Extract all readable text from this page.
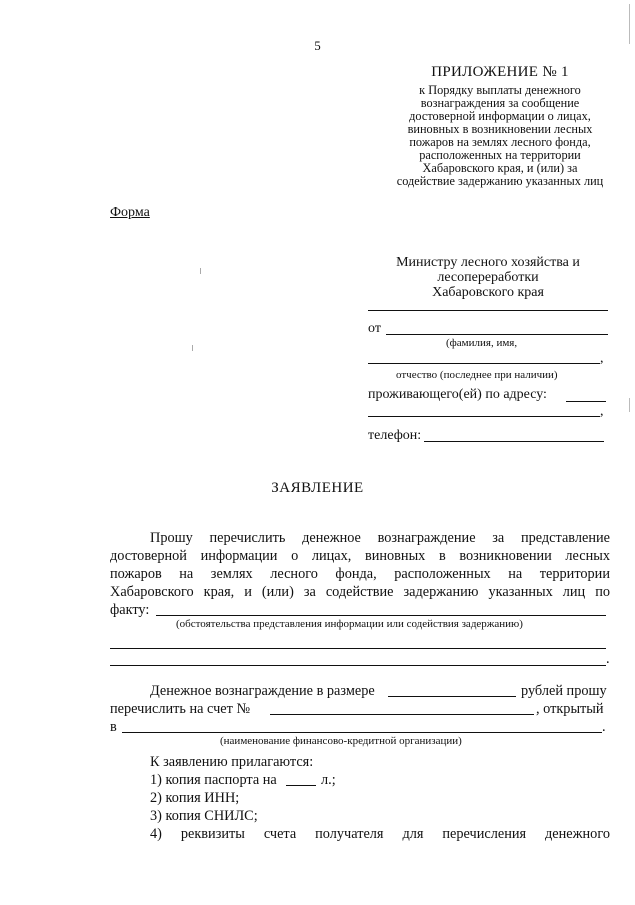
5
ПРИЛОЖЕНИЕ № 1
к Порядку выплаты денежного
вознаграждения за сообщение
достоверной информации о лицах,
виновных в возникновении лесных
пожаров на землях лесного фонда,
расположенных на территории
Хабаровского края, и (или) за
содействие задержанию указанных лиц
Форма
Министру лесного хозяйства и
лесопереработки
Хабаровского края
от
(фамилия, имя,
,
отчество (последнее при наличии)
проживающего(ей) по адресу:
,
телефон:
ЗАЯВЛЕНИЕ
Прошу перечислить денежное вознаграждение за представление
достоверной информации о лицах, виновных в возникновении лесных
пожаров на землях лесного фонда, расположенных на территории
Хабаровского края, и (или) за содействие задержанию указанных лиц по
факту:
(обстоятельства представления информации или содействия задержанию)
.
Денежное вознаграждение в размере	рублей прошу
перечислить на счет №	, открытый
в	.
(наименование финансово-кредитной организации)
К заявлению прилагаются:
1) копия паспорта на	л.;
2) копия ИНН;
3) копия СНИЛС;
4) реквизиты счета получателя для перечисления денежного
